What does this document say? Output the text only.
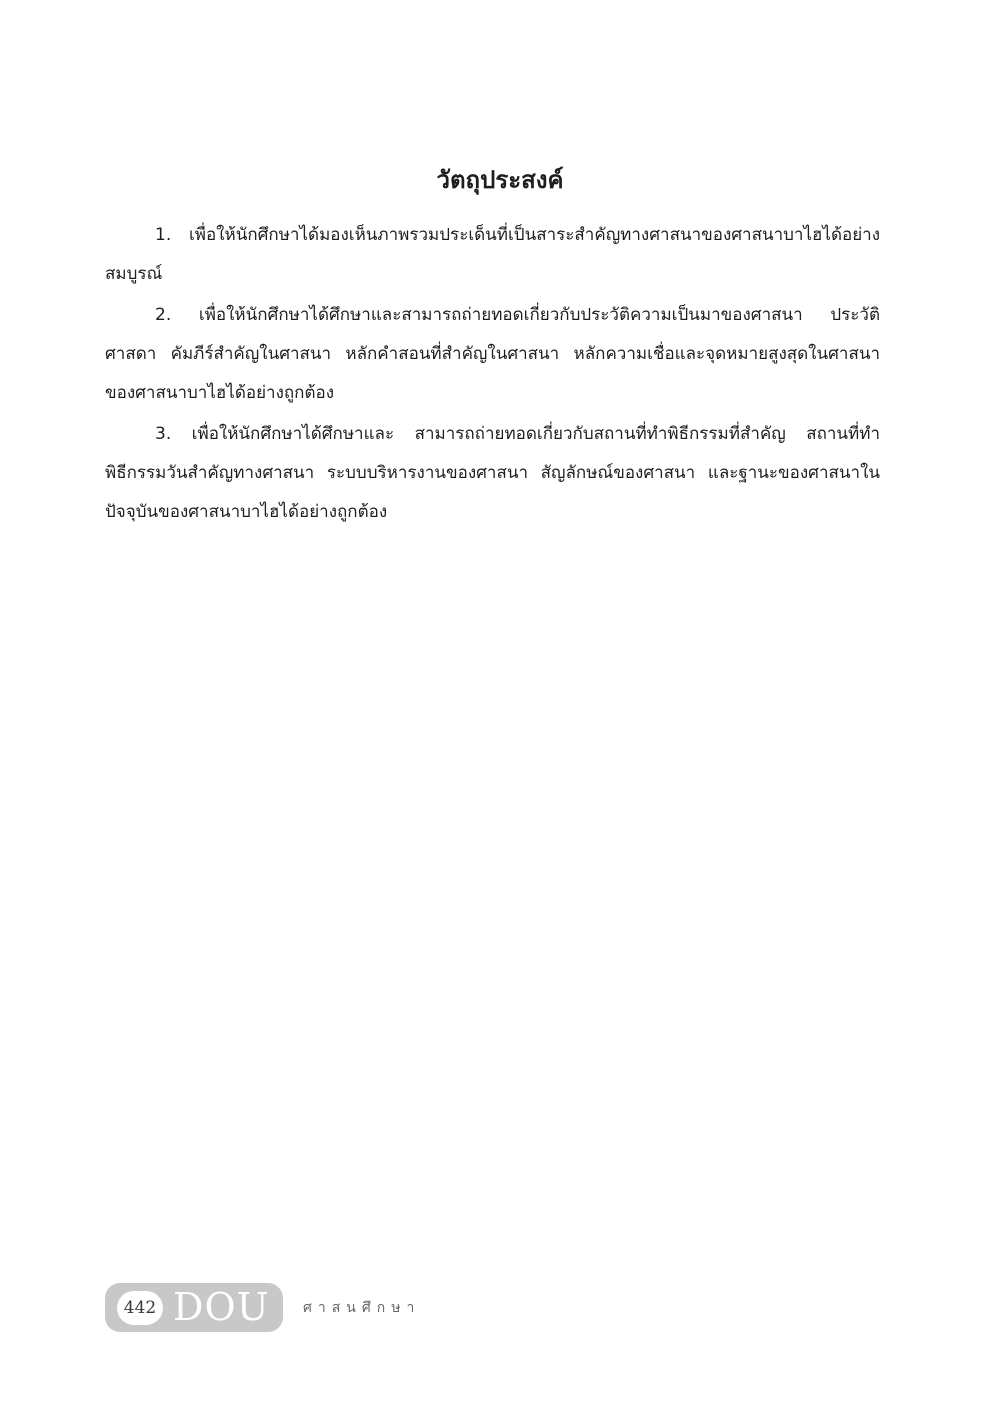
วัตถุประสงค์

1. เพื่อให้นักศึกษาได้มองเห็นภาพรวมประเด็นที่เป็นสาระสำคัญทางศาสนาของศาสนาบาไฮได้อย่างสมบูรณ์

2. เพื่อให้นักศึกษาได้ศึกษาและสามารถถ่ายทอดเกี่ยวกับประวัติความเป็นมาของศาสนา ประวัติศาสดา คัมภีร์สำคัญในศาสนา หลักคำสอนที่สำคัญในศาสนา หลักความเชื่อและจุดหมายสูงสุดในศาสนาของศาสนาบาไฮได้อย่างถูกต้อง

3. เพื่อให้นักศึกษาได้ศึกษาและ สามารถถ่ายทอดเกี่ยวกับสถานที่ทำพิธีกรรมที่สำคัญ สถานที่ทำพิธีกรรมวันสำคัญทางศาสนา ระบบบริหารงานของศาสนา สัญลักษณ์ของศาสนา และฐานะของศาสนาในปัจจุบันของศาสนาบาไฮได้อย่างถูกต้อง

442 DOU ศาสนศึกษา
